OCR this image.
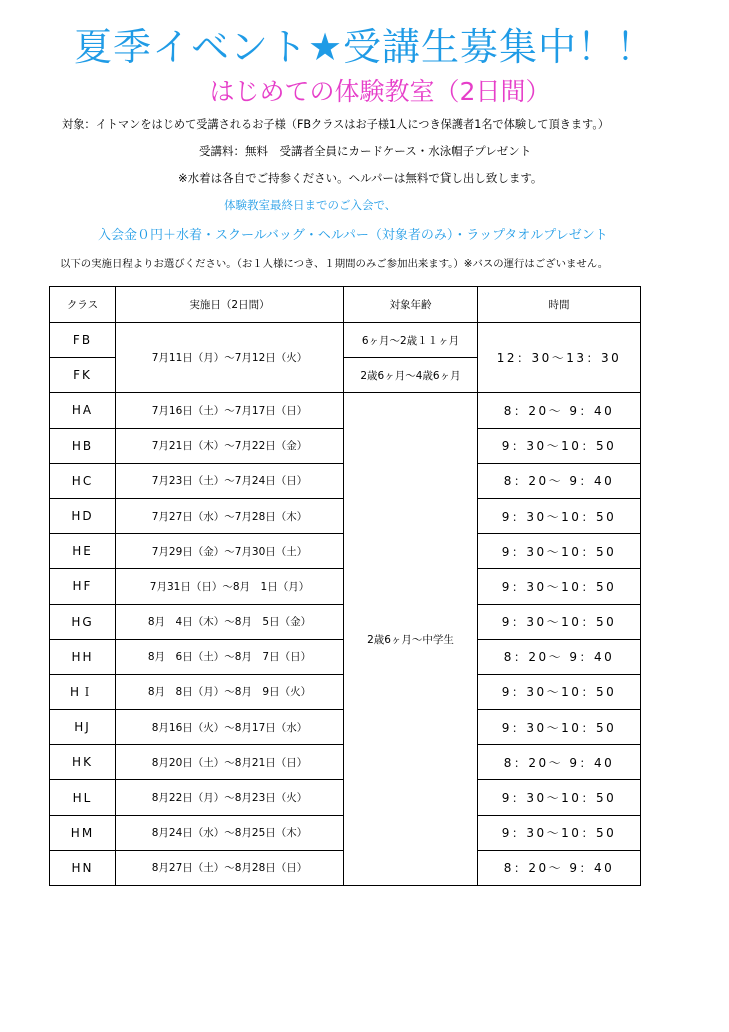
夏季イベント★受講生募集中！！
はじめての体験教室（2日間）
対象：イトマンをはじめて受講されるお子様（FBクラスはお子様1人につき保護者1名で体験して頂きます。）
受講料：無料　受講者全員にカードケース・水泳帽子プレゼント
※水着は各自でご持参ください。ヘルパーは無料で貸し出し致します。
体験教室最終日までのご入会で、
入会金０円＋水着・スクールバッグ・ヘルパー（対象者のみ）・ラップタオルプレゼント
以下の実施日程よりお選びください。（お１人様につき、１期間のみご参加出来ます。）※バスの運行はございません。
クラス	実施日（2日間）	対象年齢	時間
FB	7月11日（月）～7月12日（火）	6ヶ月～2歳１１ヶ月	12：30～13：30
FK		2歳6ヶ月～4歳6ヶ月	
HA	7月16日（土）～7月17日（日）	2歳6ヶ月～中学生	8：20～ 9：40
HB	7月21日（木）～7月22日（金）		9：30～10：50
HC	7月23日（土）～7月24日（日）		8：20～ 9：40
HD	7月27日（水）～7月28日（木）		9：30～10：50
HE	7月29日（金）～7月30日（土）		9：30～10：50
HF	7月31日（日）～8月　1日（月）		9：30～10：50
HG	8月　4日（木）～8月　5日（金）		9：30～10：50
HH	8月　6日（土）～8月　7日（日）		8：20～ 9：40
HＩ	8月　8日（月）～8月　9日（火）		9：30～10：50
HJ	8月16日（火）～8月17日（水）		9：30～10：50
HK	8月20日（土）～8月21日（日）		8：20～ 9：40
HL	8月22日（月）～8月23日（火）		9：30～10：50
HM	8月24日（水）～8月25日（木）		9：30～10：50
HN	8月27日（土）～8月28日（日）		8：20～ 9：40
